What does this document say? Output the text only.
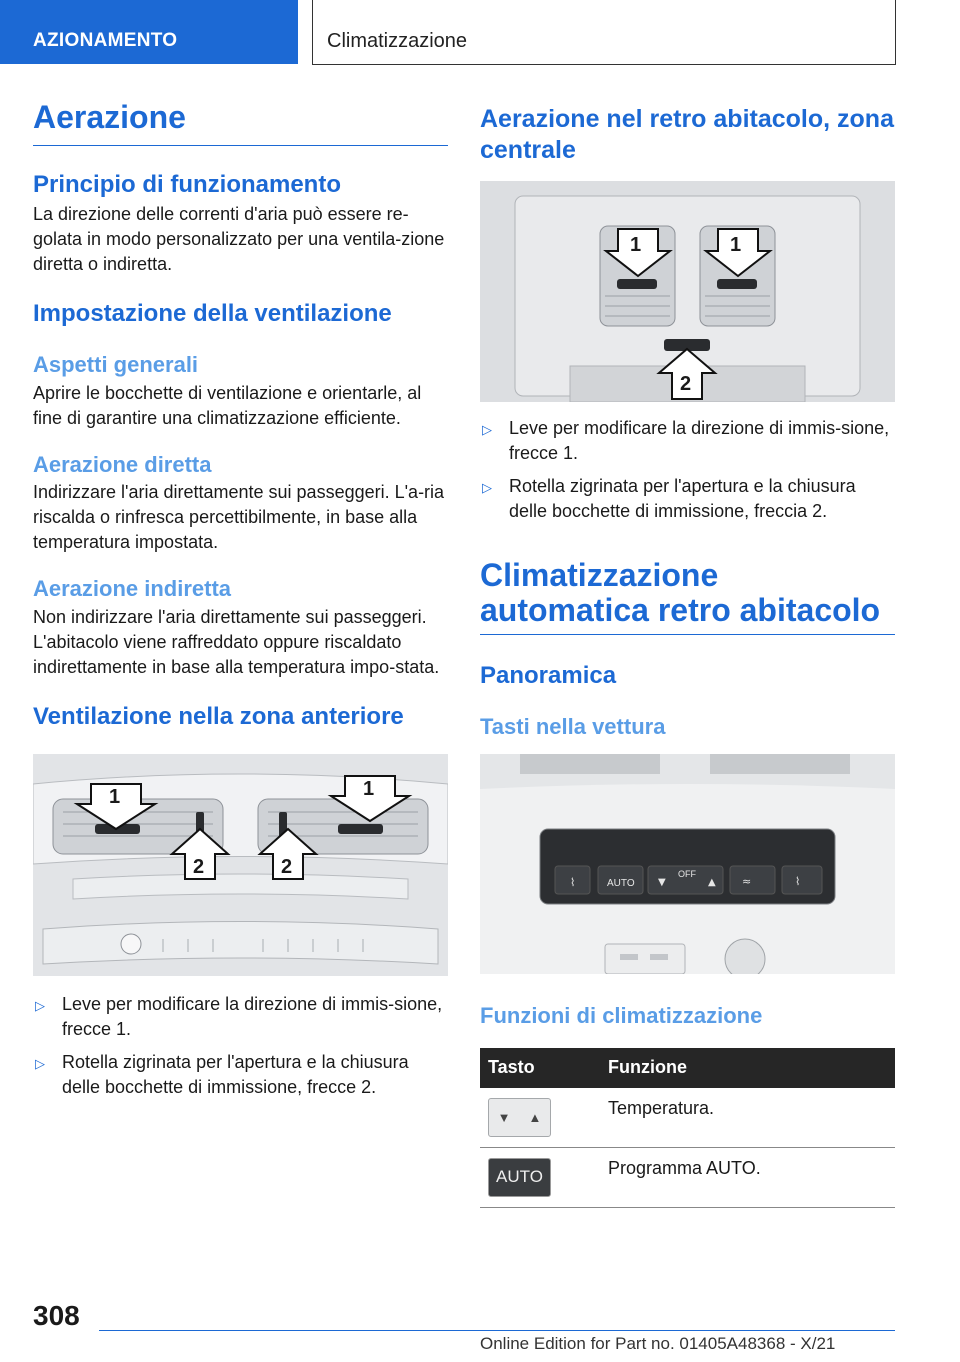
AZIONAMENTO	Climatizzazione
Aerazione
Principio di funzionamento

La direzione delle correnti d'aria può essere re-golata in modo personalizzato per una ventila-zione diretta o indiretta.

Impostazione della ventilazione
Aspetti generali

Aprire le bocchette di ventilazione e orientarle, al fine di garantire una climatizzazione efficiente.

Aerazione diretta

Indirizzare l'aria direttamente sui passeggeri. L'a-ria riscalda o rinfresca percettibilmente, in base alla temperatura impostata.

Aerazione indiretta

Non indirizzare l'aria direttamente sui passeggeri. L'abitacolo viene raffreddato oppure riscaldato indirettamente in base alla temperatura impo-stata.

Ventilazione nella zona anteriore
1	1
2	2
▷ Leve per modificare la direzione di immis-sione, frecce 1.
▷ Rotella zigrinata per l'apertura e la chiusura delle bocchette di immissione, frecce 2.
Aerazione nel retro abitacolo, zona centrale
1	1
2
▷ Leve per modificare la direzione di immis-sione, frecce 1.
▷ Rotella zigrinata per l'apertura e la chiusura delle bocchette di immissione, freccia 2.
Climatizzazione automatica retro abitacolo
Panoramica
Tasti nella vettura
⌇	▼	▲ ≈	⌇
AUTO
OFF
Funzioni di climatizzazione
Tasto	Funzione

▼ ▲	Temperatura.

AUTO	Programma AUTO.
308
Online Edition for Part no. 01405A48368 - X/21
